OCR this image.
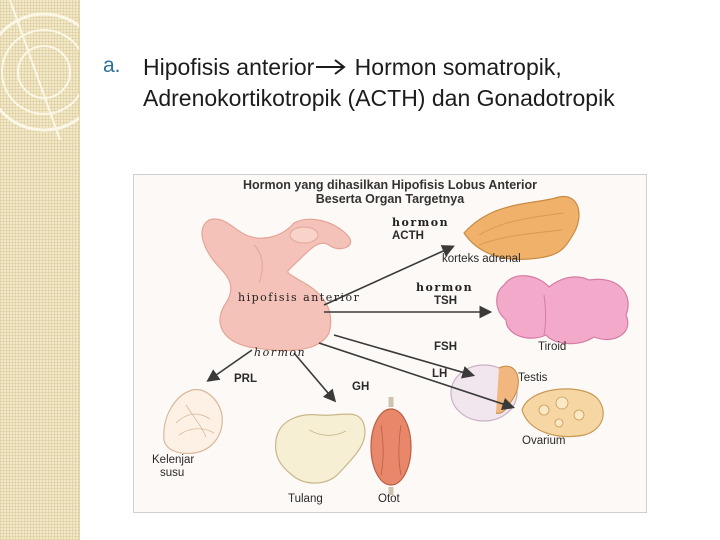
a. Hipofisis anterior Hormon somatropik, Adrenokortikotropik (ACTH) dan Gonadotropik
Hormon yang dihasilkan Hipofisis Lobus Anterior
Beserta Organ Targetnya
hormon
ACTH
hormon
TSH
FSH
LH
PRL
GH
hipofisis anterior
hormon
korteks adrenal
Tiroid
Testis
Ovarium
Kelenjar
susu
Tulang	Otot
